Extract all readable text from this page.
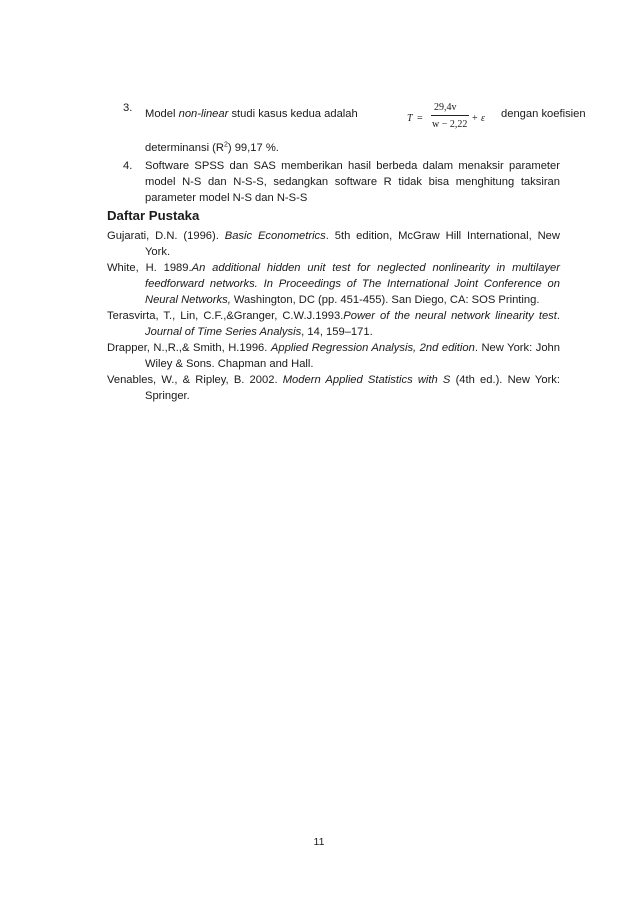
3. Model non-linear studi kasus kedua adalah	T =
29,4v
w − 2,22
+ ε dengan koefisien
determinansi $(R^2)$ 99,17 %.
4. Software SPSS dan SAS memberikan hasil berbeda dalam menaksir parameter model N-S dan N-S-S, sedangkan software R tidak bisa menghitung taksiran parameter model N-S dan N-S-S
Daftar Pustaka
Gujarati, D.N. (1996). Basic Econometrics. 5th edition, McGraw Hill International, New York.
White, H. 1989.An additional hidden unit test for neglected nonlinearity in multilayer feedforward networks. In Proceedings of The International Joint Conference on Neural Networks, Washington, DC (pp. 451-455). San Diego, CA: SOS Printing.
Terasvirta, T., Lin, C.F.,&Granger, C.W.J.1993.Power of the neural network linearity test. Journal of Time Series Analysis, 14, 159–171.
Drapper, N.,R.,& Smith, H.1996. Applied Regression Analysis, 2nd edition. New York: John Wiley & Sons. Chapman and Hall.
Venables, W., & Ripley, B. 2002. Modern Applied Statistics with S (4th ed.). New York: Springer.
11
